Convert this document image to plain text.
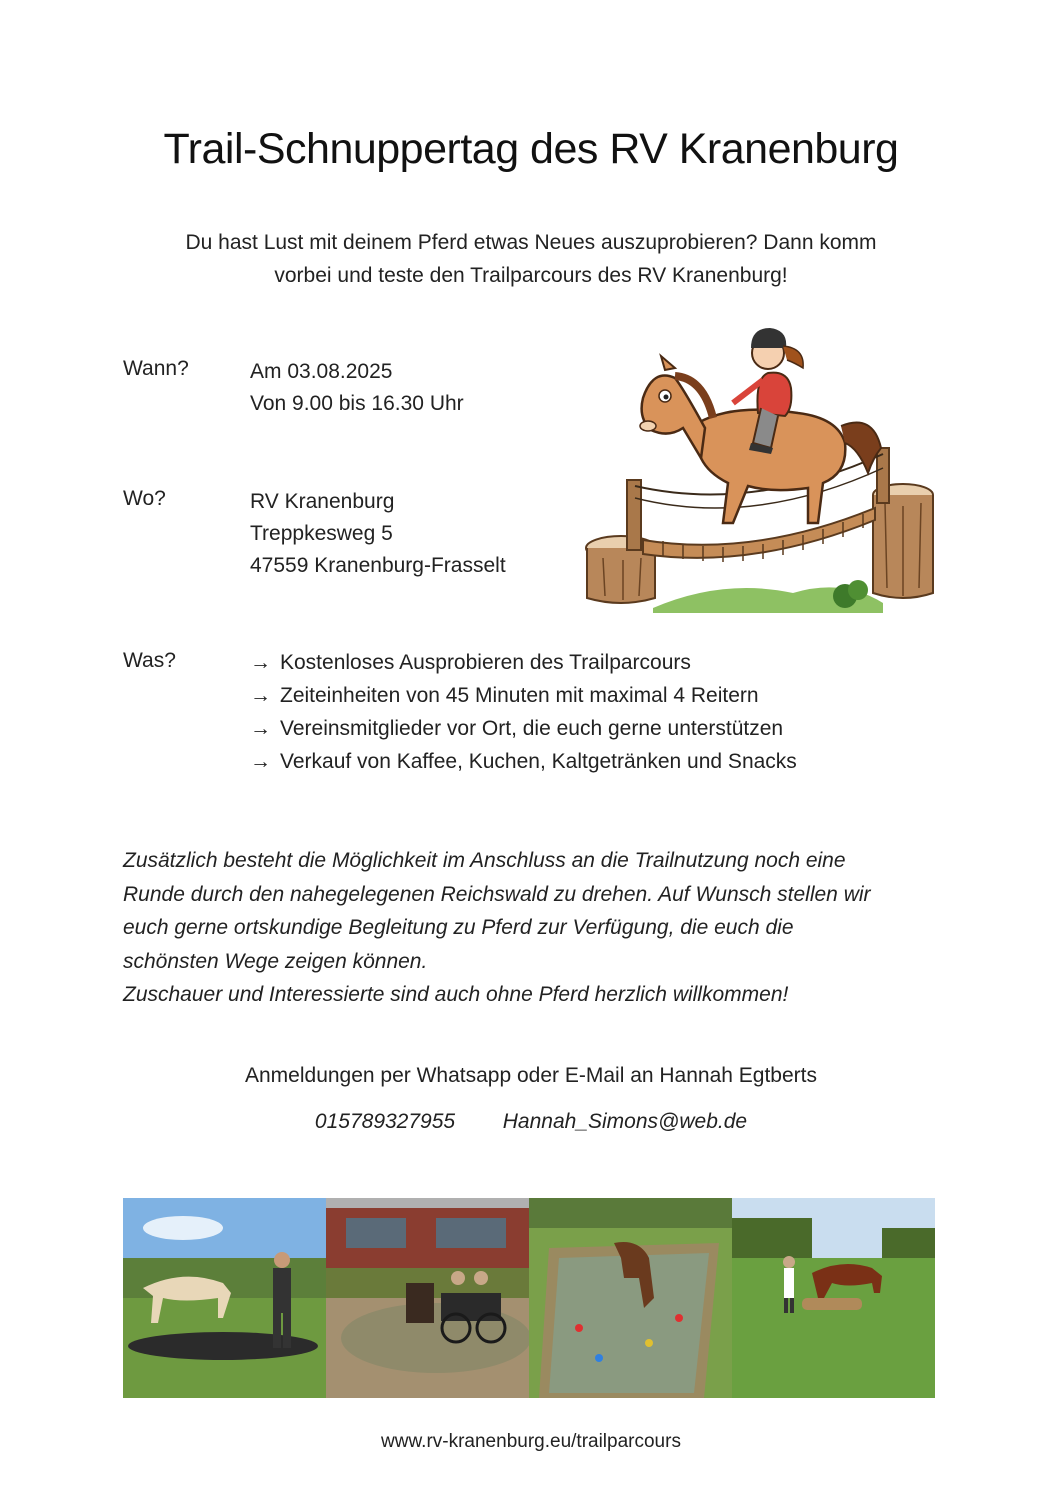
Trail-Schnuppertag des RV Kranenburg
Du hast Lust mit deinem Pferd etwas Neues auszuprobieren? Dann komm
vorbei und teste den Trailparcours des RV Kranenburg!
Wann?	Am 03.08.2025
Von 9.00 bis 16.30 Uhr
Wo?	RV Kranenburg
Treppkesweg 5
47559 Kranenburg-Frasselt
Was?	→ Kostenloses Ausprobieren des Trailparcours
→ Zeiteinheiten von 45 Minuten mit maximal 4 Reitern
→ Vereinsmitglieder vor Ort, die euch gerne unterstützen
→ Verkauf von Kaffee, Kuchen, Kaltgetränken und Snacks
Zusätzlich besteht die Möglichkeit im Anschluss an die Trailnutzung noch eine
Runde durch den nahegelegenen Reichswald zu drehen. Auf Wunsch stellen wir
euch gerne ortskundige Begleitung zu Pferd zur Verfügung, die euch die
schönsten Wege zeigen können.
Zuschauer und Interessierte sind auch ohne Pferd herzlich willkommen!
Anmeldungen per Whatsapp oder E-Mail an Hannah Egtberts
015789327955 Hannah_Simons@web.de
www.rv-kranenburg.eu/trailparcours
